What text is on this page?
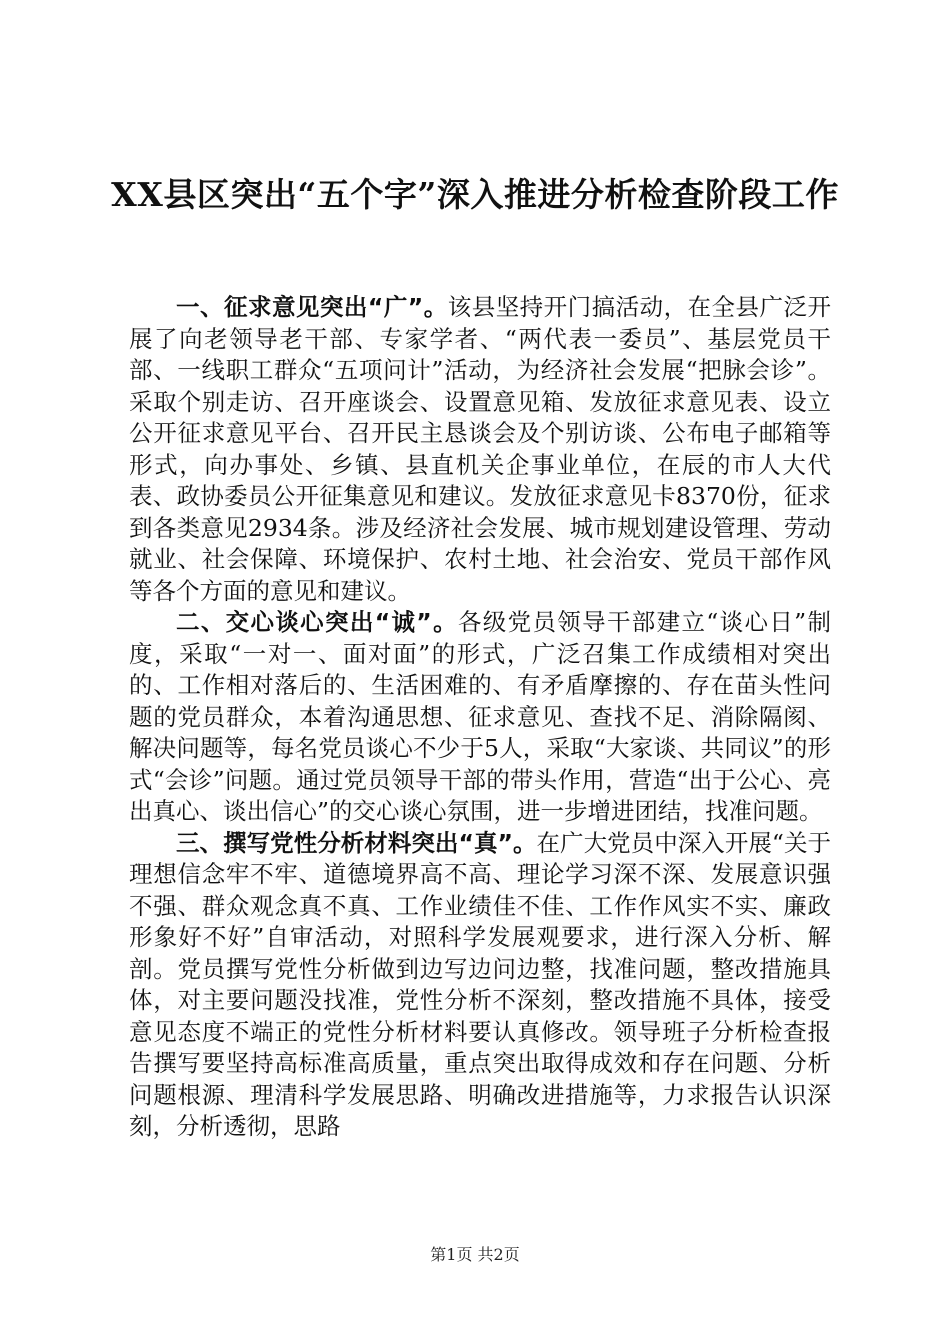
XX县区突出“五个字”深入推进分析检查阶段工作

一、征求意见突出“广”。该县坚持开门搞活动，在全县广泛开展了向老领导老干部、专家学者、“两代表一委员”、基层党员干部、一线职工群众“五项问计”活动，为经济社会发展“把脉会诊”。采取个别走访、召开座谈会、设置意见箱、发放征求意见表、设立公开征求意见平台、召开民主恳谈会及个别访谈、公布电子邮箱等形式，向办事处、乡镇、县直机关企事业单位，在辰的市人大代表、政协委员公开征集意见和建议。发放征求意见卡8370份，征求到各类意见2934条。涉及经济社会发展、城市规划建设管理、劳动就业、社会保障、环境保护、农村土地、社会治安、党员干部作风等各个方面的意见和建议。

二、交心谈心突出“诚”。各级党员领导干部建立“谈心日”制度，采取“一对一、面对面”的形式，广泛召集工作成绩相对突出的、工作相对落后的、生活困难的、有矛盾摩擦的、存在苗头性问题的党员群众，本着沟通思想、征求意见、查找不足、消除隔阂、解决问题等，每名党员谈心不少于5人，采取“大家谈、共同议”的形式“会诊”问题。通过党员领导干部的带头作用，营造“出于公心、亮出真心、谈出信心”的交心谈心氛围，进一步增进团结，找准问题。

三、撰写党性分析材料突出“真”。在广大党员中深入开展“关于理想信念牢不牢、道德境界高不高、理论学习深不深、发展意识强不强、群众观念真不真、工作业绩佳不佳、工作作风实不实、廉政形象好不好”自审活动，对照科学发展观要求，进行深入分析、解剖。党员撰写党性分析做到边写边问边整，找准问题，整改措施具体，对主要问题没找准，党性分析不深刻，整改措施不具体，接受意见态度不端正的党性分析材料要认真修改。领导班子分析检查报告撰写要坚持高标准高质量，重点突出取得成效和存在问题、分析问题根源、理清科学发展思路、明确改进措施等，力求报告认识深刻，分析透彻，思路

第1页 共2页
